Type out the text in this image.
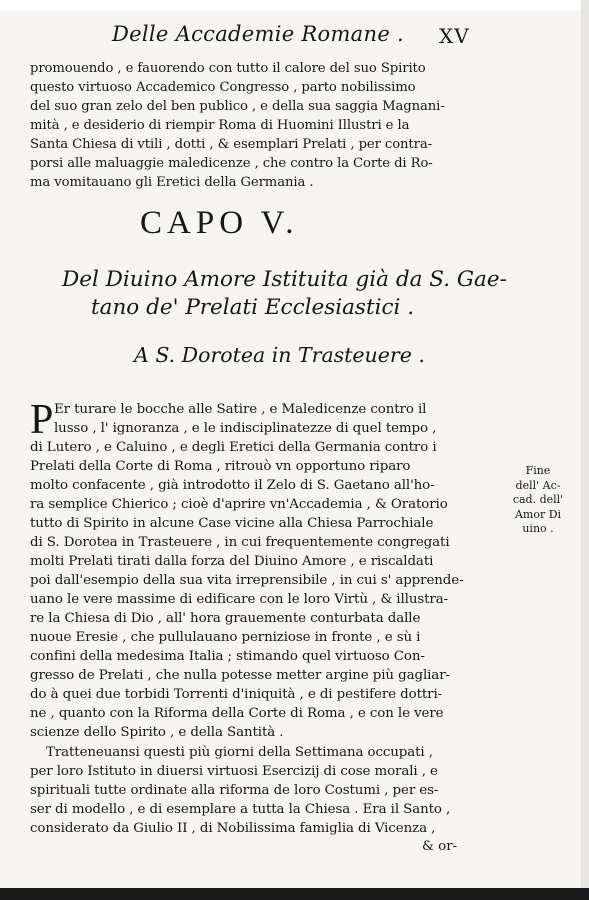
Delle Accademie Romane . XV
promouendo , e fauorendo con tutto il calore del suo Spirito
questo virtuoso Accademico Congresso , parto nobilissimo
del suo gran zelo del ben publico , e della sua saggia Magnani-
mità , e desiderio di riempir Roma di Huomini Illustri e la
Santa Chiesa di vtili , dotti , & esemplari Prelati , per contra-
porsi alle maluaggie maledicenze , che contro la Corte di Ro-
ma vomitauano gli Eretici della Germania .
CAPO V.
Del Diuino Amore Istituita già da S. Gae-
tano de' Prelati Ecclesiastici .
A S. Dorotea in Trasteuere .
P Er turare le bocche alle Satire , e Maledicenze contro il
lusso , l' ignoranza , e le indisciplinatezze di quel tempo ,
di Lutero , e Caluino , e degli Eretici della Germania contro i
Prelati della Corte di Roma , ritrouò vn opportuno riparo
molto confacente , già introdotto il Zelo di S. Gaetano all'ho-
ra semplice Chierico ; cioè d'aprire vn'Accademia , & Oratorio
tutto di Spirito in alcune Case vicine alla Chiesa Parrochiale
di S. Dorotea in Trasteuere , in cui frequentemente congregati
molti Prelati tirati dalla forza del Diuino Amore , e riscaldati
poi dall'esempio della sua vita irreprensibile , in cui s' apprende-
uano le vere massime di edificare con le loro Virtù , & illustra-
re la Chiesa di Dio , all' hora grauemente conturbata dalle
nuoue Eresie , che pullulauano perniziose in fronte , e sù i
confini della medesima Italia ; stimando quel virtuoso Con-
gresso de Prelati , che nulla potesse metter argine più gagliar-
do à quei due torbidi Torrenti d'iniquità , e di pestifere dottri-
ne , quanto con la Riforma della Corte di Roma , e con le vere
scienze dello Spirito , e della Santità .
Tratteneuansi questi più giorni della Settimana occupati ,
per loro Istituto in diuersi virtuosi Esercizij di cose morali , e
spirituali tutte ordinate alla riforma de loro Costumi , per es-
ser di modello , e di esemplare a tutta la Chiesa . Era il Santo ,
considerato da Giulio II , di Nobilissima famiglia di Vicenza ,
& or-
Fine
dell' Ac-
cad. dell'
Amor Di
uino .
